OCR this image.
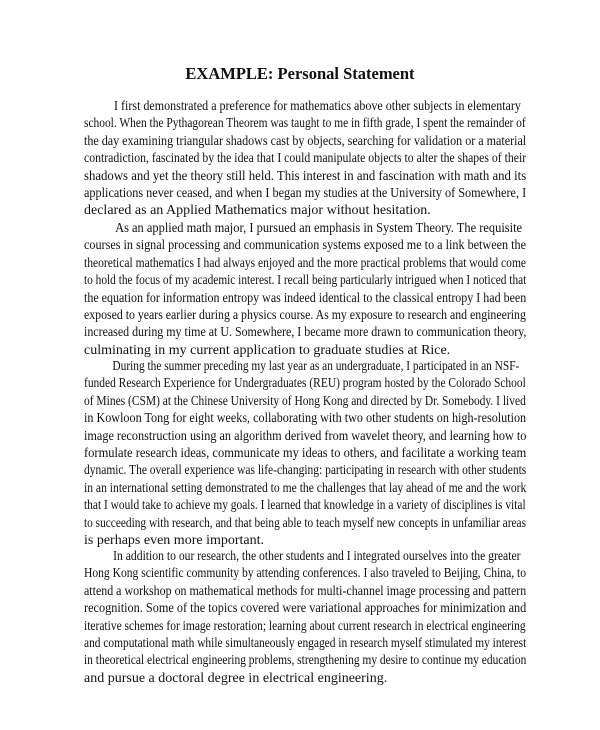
EXAMPLE: Personal Statement

I first demonstrated a preference for mathematics above other subjects in elementary
school. When the Pythagorean Theorem was taught to me in fifth grade, I spent the remainder of
the day examining triangular shadows cast by objects, searching for validation or a material
contradiction, fascinated by the idea that I could manipulate objects to alter the shapes of their
shadows and yet the theory still held. This interest in and fascination with math and its
applications never ceased, and when I began my studies at the University of Somewhere, I
declared as an Applied Mathematics major without hesitation.

As an applied math major, I pursued an emphasis in System Theory. The requisite
courses in signal processing and communication systems exposed me to a link between the
theoretical mathematics I had always enjoyed and the more practical problems that would come
to hold the focus of my academic interest. I recall being particularly intrigued when I noticed that
the equation for information entropy was indeed identical to the classical entropy I had been
exposed to years earlier during a physics course. As my exposure to research and engineering
increased during my time at U. Somewhere, I became more drawn to communication theory,
culminating in my current application to graduate studies at Rice.

During the summer preceding my last year as an undergraduate, I participated in an NSF-
funded Research Experience for Undergraduates (REU) program hosted by the Colorado School
of Mines (CSM) at the Chinese University of Hong Kong and directed by Dr. Somebody. I lived
in Kowloon Tong for eight weeks, collaborating with two other students on high-resolution
image reconstruction using an algorithm derived from wavelet theory, and learning how to
formulate research ideas, communicate my ideas to others, and facilitate a working team
dynamic. The overall experience was life-changing: participating in research with other students
in an international setting demonstrated to me the challenges that lay ahead of me and the work
that I would take to achieve my goals. I learned that knowledge in a variety of disciplines is vital
to succeeding with research, and that being able to teach myself new concepts in unfamiliar areas
is perhaps even more important.

In addition to our research, the other students and I integrated ourselves into the greater
Hong Kong scientific community by attending conferences. I also traveled to Beijing, China, to
attend a workshop on mathematical methods for multi-channel image processing and pattern
recognition. Some of the topics covered were variational approaches for minimization and
iterative schemes for image restoration; learning about current research in electrical engineering
and computational math while simultaneously engaged in research myself stimulated my interest
in theoretical electrical engineering problems, strengthening my desire to continue my education
and pursue a doctoral degree in electrical engineering.
